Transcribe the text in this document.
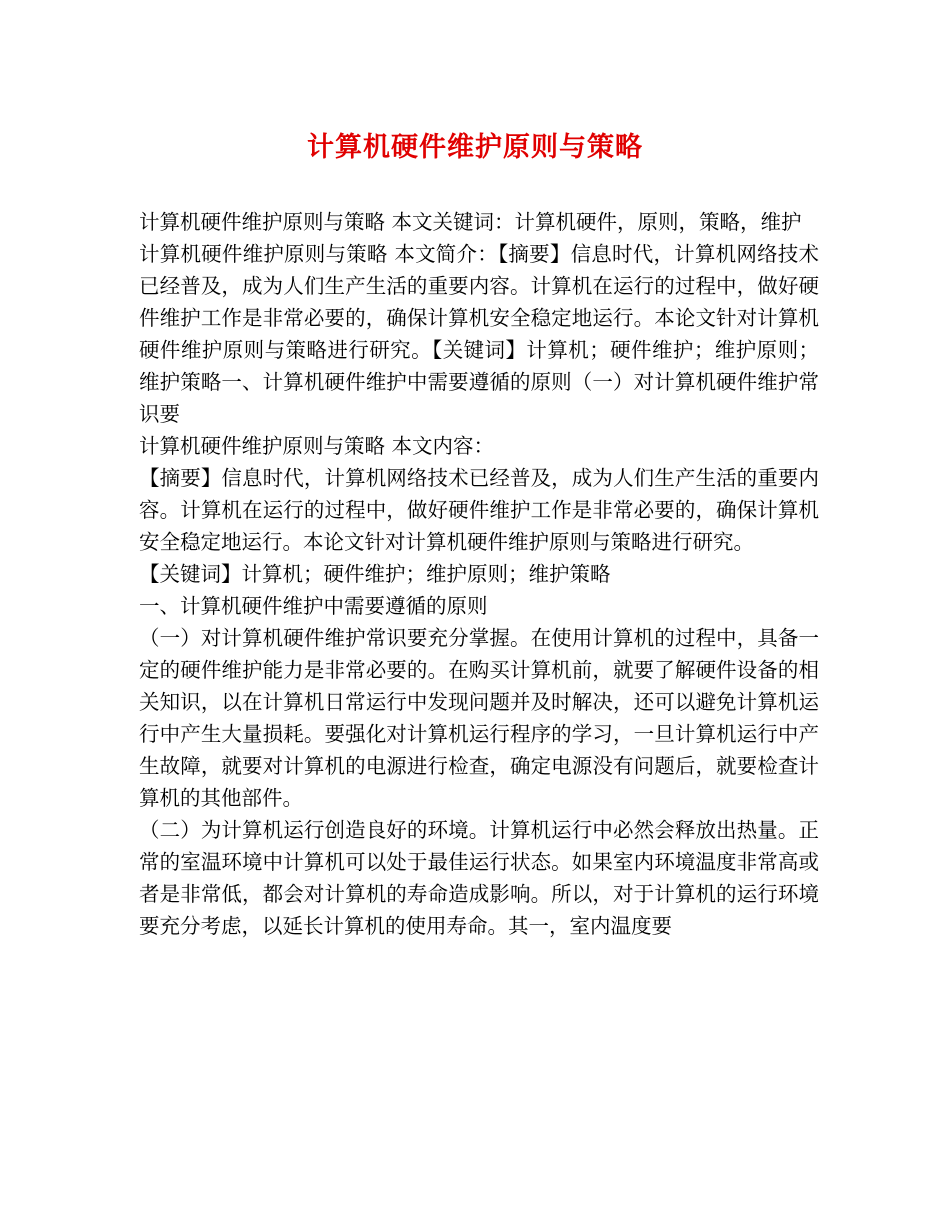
计算机硬件维护原则与策略

计算机硬件维护原则与策略 本文关键词：计算机硬件，原则，策略，维护

计算机硬件维护原则与策略 本文简介：【摘要】信息时代，计算机网络技术已经普及，成为人们生产生活的重要内容。计算机在运行的过程中，做好硬件维护工作是非常必要的，确保计算机安全稳定地运行。本论文针对计算机硬件维护原则与策略进行研究。【关键词】计算机；硬件维护；维护原则；维护策略一、计算机硬件维护中需要遵循的原则（一）对计算机硬件维护常识要

计算机硬件维护原则与策略 本文内容：

【摘要】信息时代，计算机网络技术已经普及，成为人们生产生活的重要内容。计算机在运行的过程中，做好硬件维护工作是非常必要的，确保计算机安全稳定地运行。本论文针对计算机硬件维护原则与策略进行研究。

【关键词】计算机；硬件维护；维护原则；维护策略

一、计算机硬件维护中需要遵循的原则

（一）对计算机硬件维护常识要充分掌握。在使用计算机的过程中，具备一定的硬件维护能力是非常必要的。在购买计算机前，就要了解硬件设备的相关知识，以在计算机日常运行中发现问题并及时解决，还可以避免计算机运行中产生大量损耗。要强化对计算机运行程序的学习，一旦计算机运行中产生故障，就要对计算机的电源进行检查，确定电源没有问题后，就要检查计算机的其他部件。

（二）为计算机运行创造良好的环境。计算机运行中必然会释放出热量。正常的室温环境中计算机可以处于最佳运行状态。如果室内环境温度非常高或者是非常低，都会对计算机的寿命造成影响。所以，对于计算机的运行环境要充分考虑，以延长计算机的使用寿命。其一，室内温度要
